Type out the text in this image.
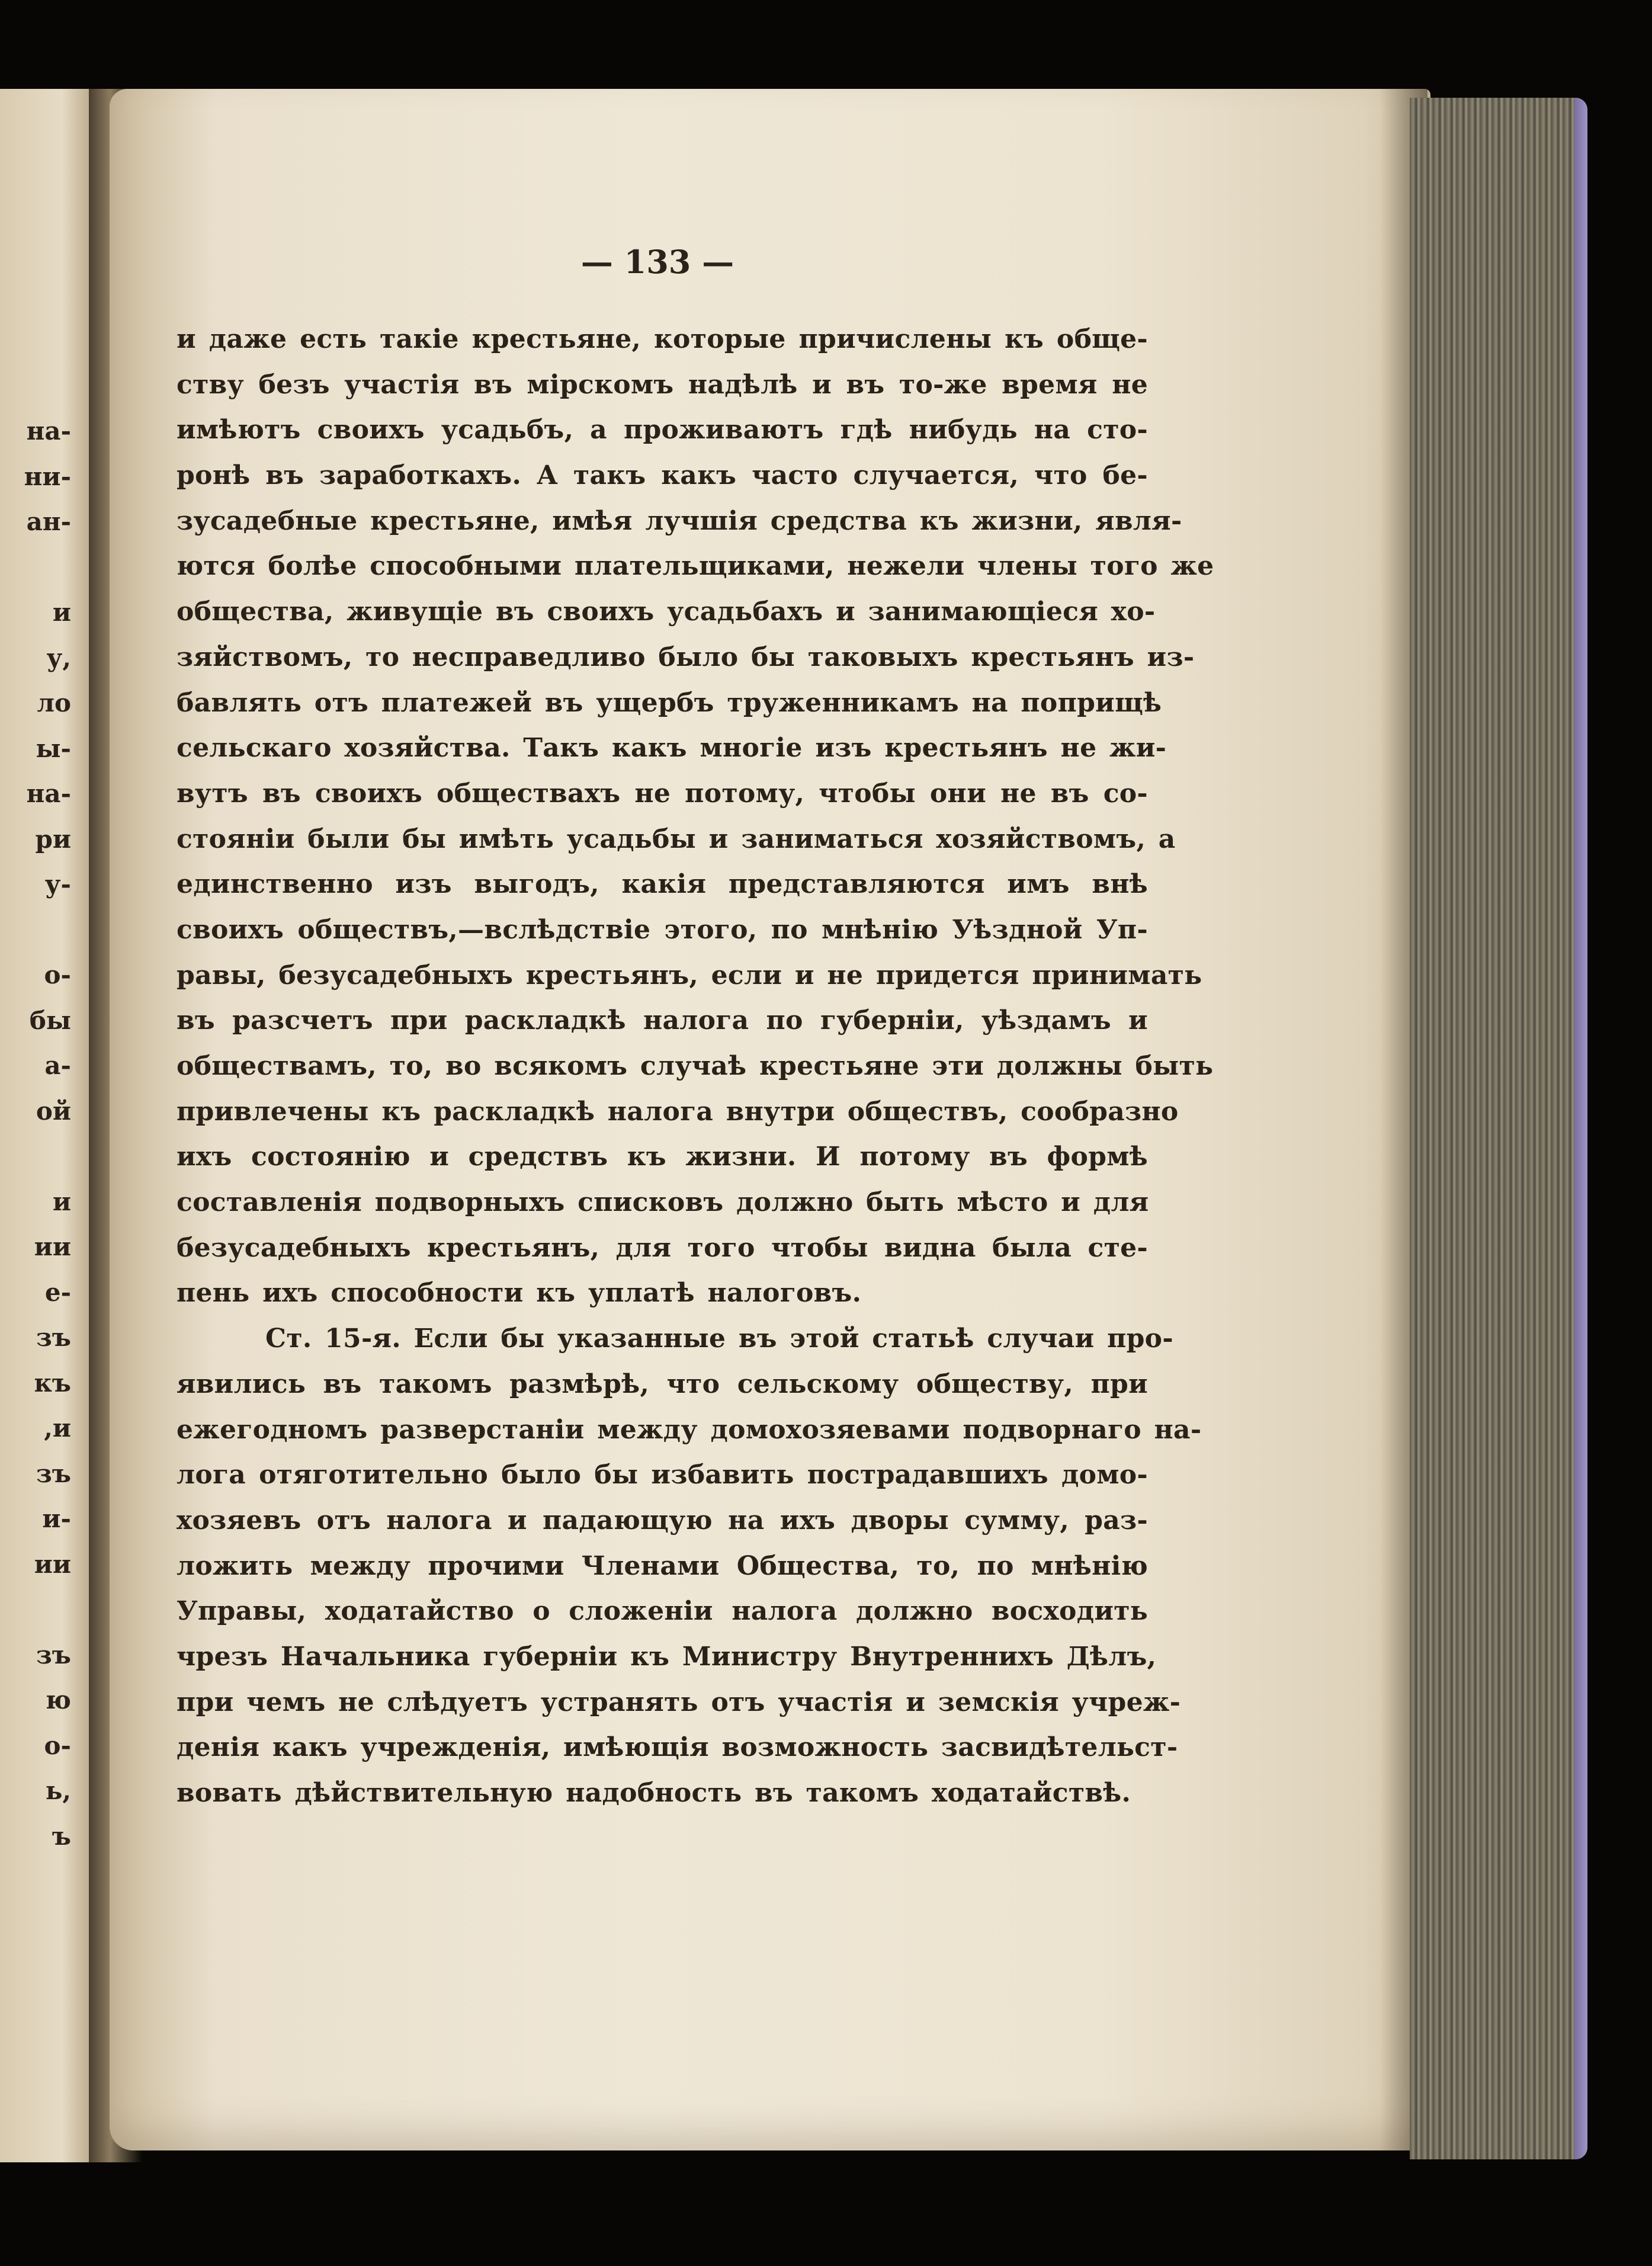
на-
ни-
ан-
и
у,
ло
ы-
на-
ри
у-
о-
бы
а-
ой
и
ии
е-
зъ
къ
,и
зъ
и-
ии
зъ
ю
о-
ь,
ъ
— 133 —
и даже есть такіе крестьяне, которые причислены къ обще-
ству безъ участія въ мірскомъ надѣлѣ и въ то-же время не
имѣютъ своихъ усадьбъ, а проживаютъ гдѣ нибудь на сто-
ронѣ въ заработкахъ. А такъ какъ часто случается, что бе-
зусадебные крестьяне, имѣя лучшія средства къ жизни, явля-
ются болѣе способными плательщиками, нежели члены того же
общества, живущіе въ своихъ усадьбахъ и занимающіеся хо-
зяйствомъ, то несправедливо было бы таковыхъ крестьянъ из-
бавлять отъ платежей въ ущербъ труженникамъ на поприщѣ
сельскаго хозяйства. Такъ какъ многіе изъ крестьянъ не жи-
вутъ въ своихъ обществахъ не потому, чтобы они не въ со-
стояніи были бы имѣть усадьбы и заниматься хозяйствомъ, а
единственно изъ выгодъ, какія представляются имъ внѣ
своихъ обществъ,—вслѣдствіе этого, по мнѣнію Уѣздной Уп-
равы, безусадебныхъ крестьянъ, если и не придется принимать
въ разсчетъ при раскладкѣ налога по губерніи, уѣздамъ и
обществамъ, то, во всякомъ случаѣ крестьяне эти должны быть
привлечены къ раскладкѣ налога внутри обществъ, сообразно
ихъ состоянію и средствъ къ жизни. И потому въ формѣ
составленія подворныхъ списковъ должно быть мѣсто и для
безусадебныхъ крестьянъ, для того чтобы видна была сте-
пень ихъ способности къ уплатѣ налоговъ.
Ст. 15-я. Если бы указанные въ этой статьѣ случаи про-
явились въ такомъ размѣрѣ, что сельскому обществу, при
ежегодномъ разверстаніи между домохозяевами подворнаго на-
лога отяготительно было бы избавить пострадавшихъ домо-
хозяевъ отъ налога и падающую на ихъ дворы сумму, раз-
ложить между прочими Членами Общества, то, по мнѣнію
Управы, ходатайство о сложеніи налога должно восходить
чрезъ Начальника губерніи къ Министру Внутреннихъ Дѣлъ,
при чемъ не слѣдуетъ устранять отъ участія и земскія учреж-
денія какъ учрежденія, имѣющія возможность засвидѣтельст-
вовать дѣйствительную надобность въ такомъ ходатайствѣ.
